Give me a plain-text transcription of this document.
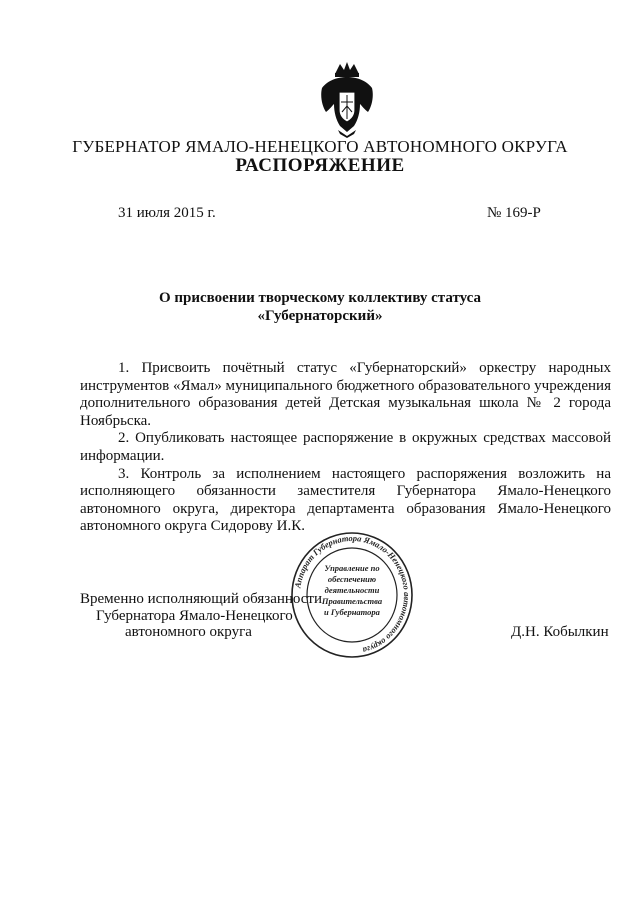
ГУБЕРНАТОР ЯМАЛО-НЕНЕЦКОГО АВТОНОМНОГО ОКРУГА
РАСПОРЯЖЕНИЕ
31 июля 2015 г.	№ 169-Р
О присвоении творческому коллективу статуса
«Губернаторский»

1. Присвоить почётный статус «Губернаторский» оркестру народных инструментов «Ямал» муниципального бюджетного образовательного учреждения дополнительного образования детей Детская музыкальная школа № 2 города Ноябрьска.

2. Опубликовать настоящее распоряжение в окружных средствах массовой информации.

3. Контроль за исполнением настоящего распоряжения возложить на исполняющего обязанности заместителя Губернатора Ямало-Ненецкого автономного округа, директора департамента образования Ямало-Ненецкого автономного округа Сидорову И.К.

Временно исполняющий обязанности
Губернатора Ямало-Ненецкого
автономного округа	Д.Н. Кобылкин
Аппарат Губернатора Ямало-Ненецкого автономного округа
Управление по
обеспечению
деятельности
Правительства
и Губернатора
